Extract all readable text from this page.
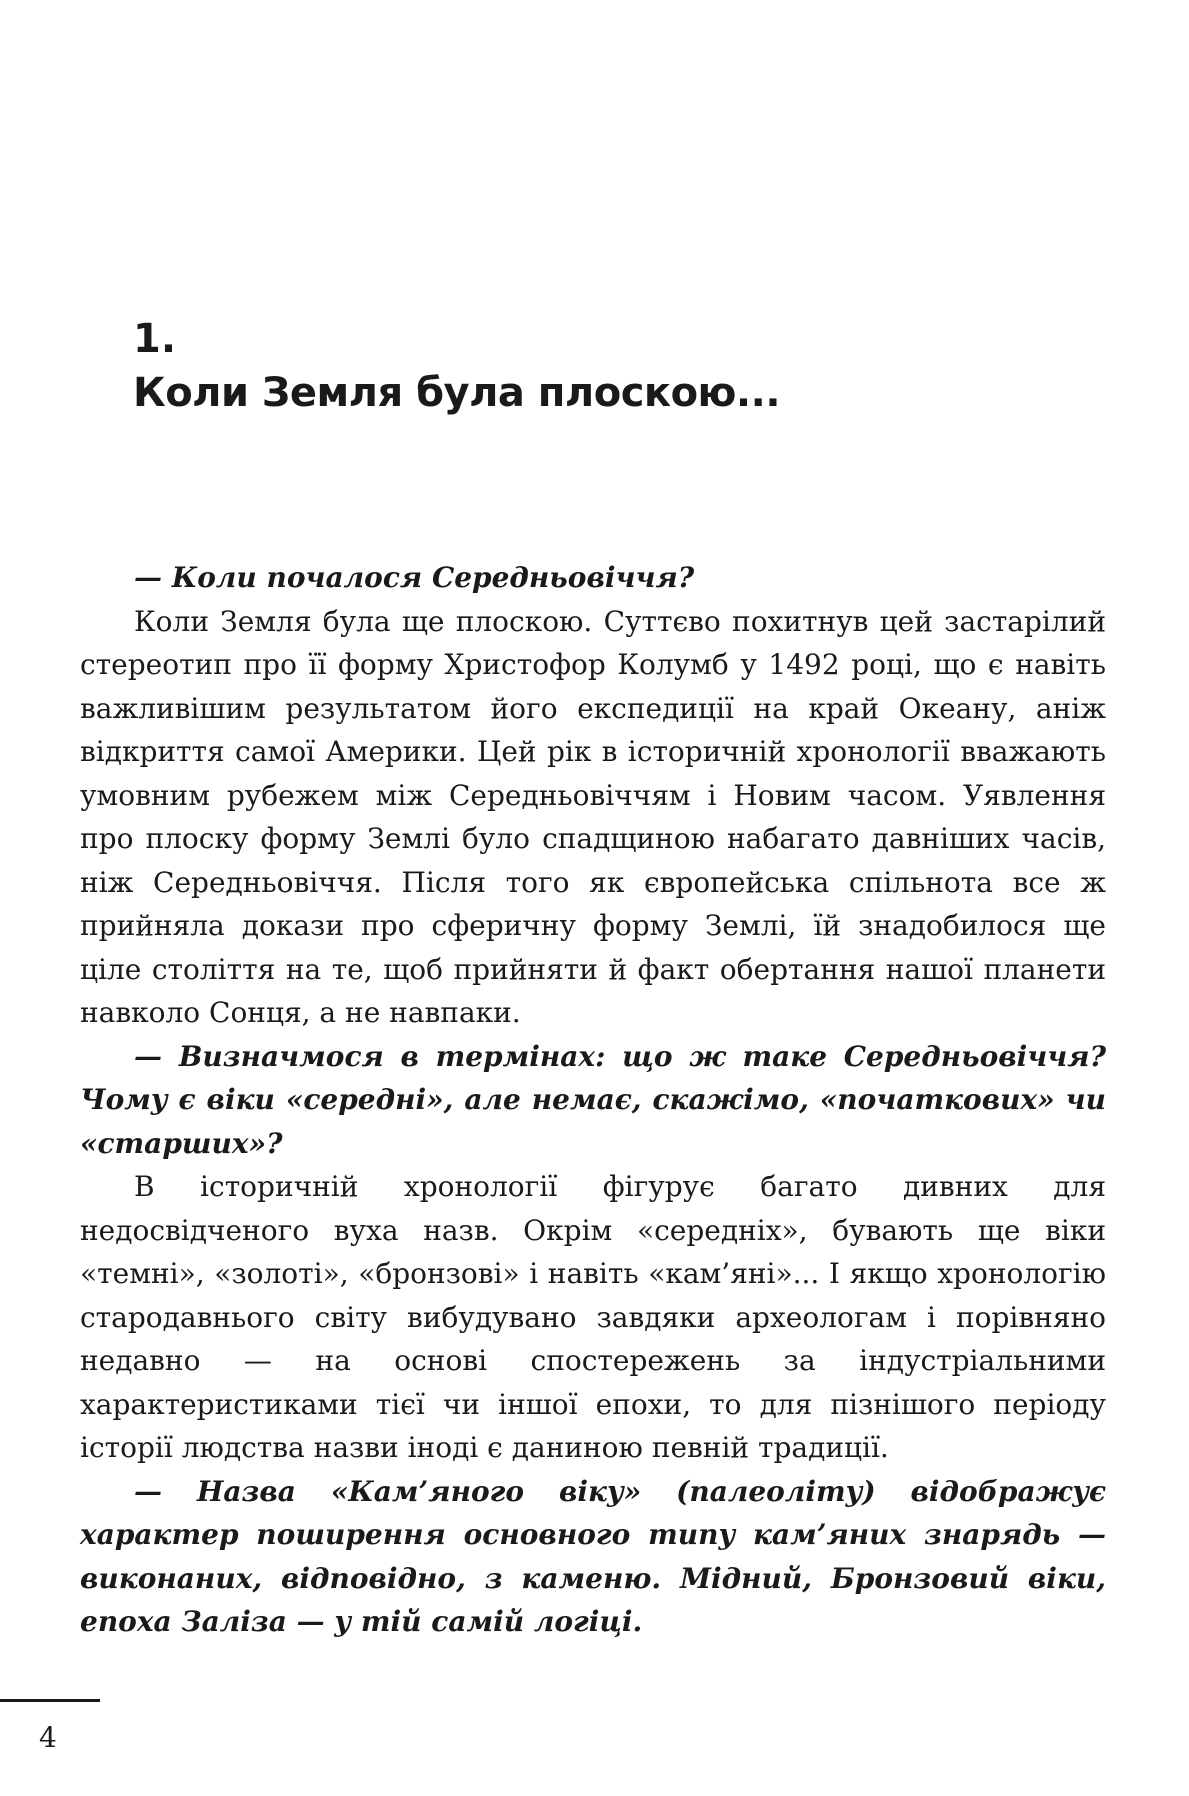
1.
Коли Земля була плоскою...

— Коли почалося Середньовіччя?

Коли Земля була ще плоскою. Суттєво похитнув цей застарілий стереотип про її форму Христофор Колумб у 1492 році, що є навіть важливішим результатом його експедиції на край Океану, аніж відкриття самої Америки. Цей рік в історичній хронології вважають умовним рубежем між Середньовіччям і Новим часом. Уявлення про плоску форму Землі було спадщиною набагато давніших часів, ніж Середньовіччя. Після того як європейська спільнота все ж прийняла докази про сферичну форму Землі, їй знадобилося ще ціле століття на те, щоб прийняти й факт обертання нашої планети навколо Сонця, а не навпаки.

— Визначмося в термінах: що ж таке Середньовіччя? Чому є віки «середні», але немає, скажімо, «початкових» чи «старших»?

В історичній хронології фігурує багато дивних для недосвідченого вуха назв. Окрім «середніх», бувають ще віки «темні», «золоті», «бронзові» і навіть «кам’яні»... І якщо хронологію стародавнього світу вибудувано завдяки археологам і порівняно недавно — на основі спостережень за індустріальними характеристиками тієї чи іншої епохи, то для пізнішого періоду історії людства назви іноді є даниною певній традиції.

— Назва «Кам’яного віку» (палеоліту) відображує характер поширення основного типу кам’яних знарядь — виконаних, відповідно, з каменю. Мідний, Бронзовий віки, епоха Заліза — у тій самій логіці.

4
